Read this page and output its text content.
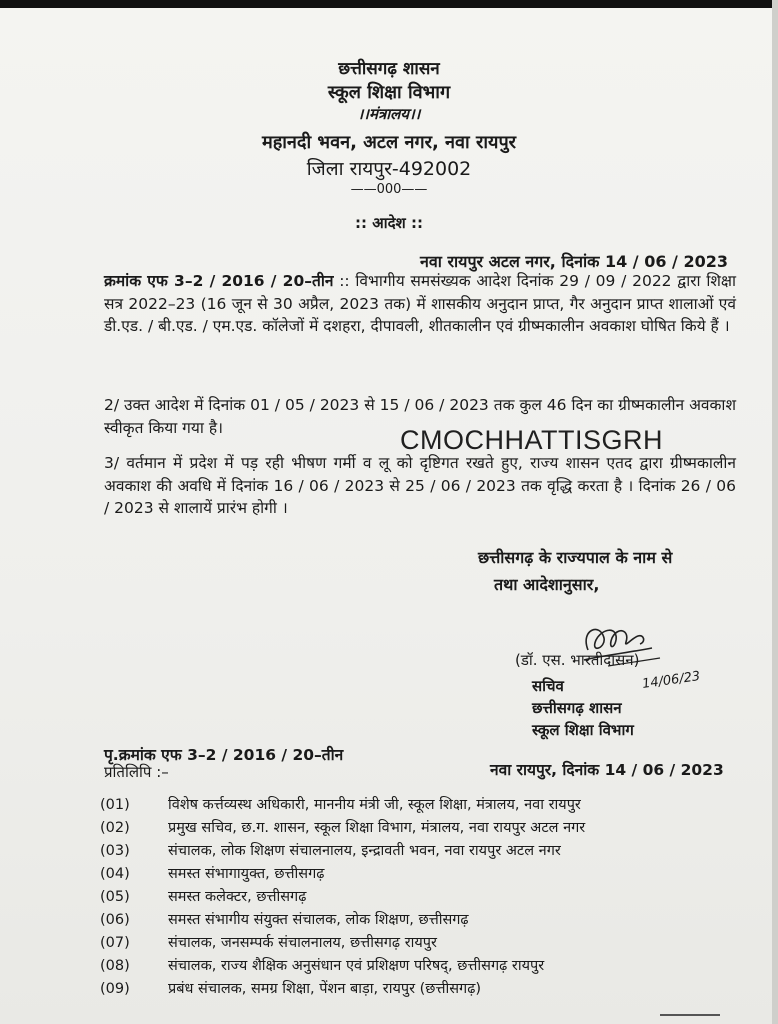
छत्तीसगढ़ शासन
स्कूल शिक्षा विभाग
।।मंत्रालय।।
महानदी भवन, अटल नगर, नवा रायपुर
जिला रायपुर-492002
——000——
:: आदेश ::
नवा रायपुर अटल नगर, दिनांक 14 / 06 / 2023
क्रमांक एफ 3–2 / 2016 / 20–तीन :: विभागीय समसंख्यक आदेश दिनांक 29 / 09 / 2022 द्वारा शिक्षा सत्र 2022–23 (16 जून से 30 अप्रैल, 2023 तक) में शासकीय अनुदान प्राप्त, गैर अनुदान प्राप्त शालाओं एवं डी.एड. / बी.एड. / एम.एड. कॉलेजों में दशहरा, दीपावली, शीतकालीन एवं ग्रीष्मकालीन अवकाश घोषित किये हैं ।
2/ उक्त आदेश में दिनांक 01 / 05 / 2023 से 15 / 06 / 2023 तक कुल 46 दिन का ग्रीष्मकालीन अवकाश स्वीकृत किया गया है।	CMOCHHATTISGRH
3/ वर्तमान में प्रदेश में पड़ रही भीषण गर्मी व लू को दृष्टिगत रखते हुए, राज्य शासन एतद द्वारा ग्रीष्मकालीन अवकाश की अवधि में दिनांक 16 / 06 / 2023 से 25 / 06 / 2023 तक वृद्धि करता है । दिनांक 26 / 06 / 2023 से शालायें प्रारंभ होगी ।
छत्तीसगढ़ के राज्यपाल के नाम से
तथा आदेशानुसार,
(डॉ. एस. भारतीदासन)
14/06/23
सचिव
छत्तीसगढ़ शासन
स्कूल शिक्षा विभाग
पृ.क्रमांक एफ 3–2 / 2016 / 20–तीन
नवा रायपुर, दिनांक 14 / 06 / 2023
प्रतिलिपि :–
(01)	विशेष कर्त्तव्यस्थ अधिकारी, माननीय मंत्री जी, स्कूल शिक्षा, मंत्रालय, नवा रायपुर
(02)	प्रमुख सचिव, छ.ग. शासन, स्कूल शिक्षा विभाग, मंत्रालय, नवा रायपुर अटल नगर
(03)	संचालक, लोक शिक्षण संचालनालय, इन्द्रावती भवन, नवा रायपुर अटल नगर
(04)	समस्त संभागायुक्त, छत्तीसगढ़
(05)	समस्त कलेक्टर, छत्तीसगढ़
(06)	समस्त संभागीय संयुक्त संचालक, लोक शिक्षण, छत्तीसगढ़
(07)	संचालक, जनसम्पर्क संचालनालय, छत्तीसगढ़ रायपुर
(08)	संचालक, राज्य शैक्षिक अनुसंधान एवं प्रशिक्षण परिषद्, छत्तीसगढ़ रायपुर
(09)	प्रबंध संचालक, समग्र शिक्षा, पेंशन बाड़ा, रायपुर (छत्तीसगढ़)
